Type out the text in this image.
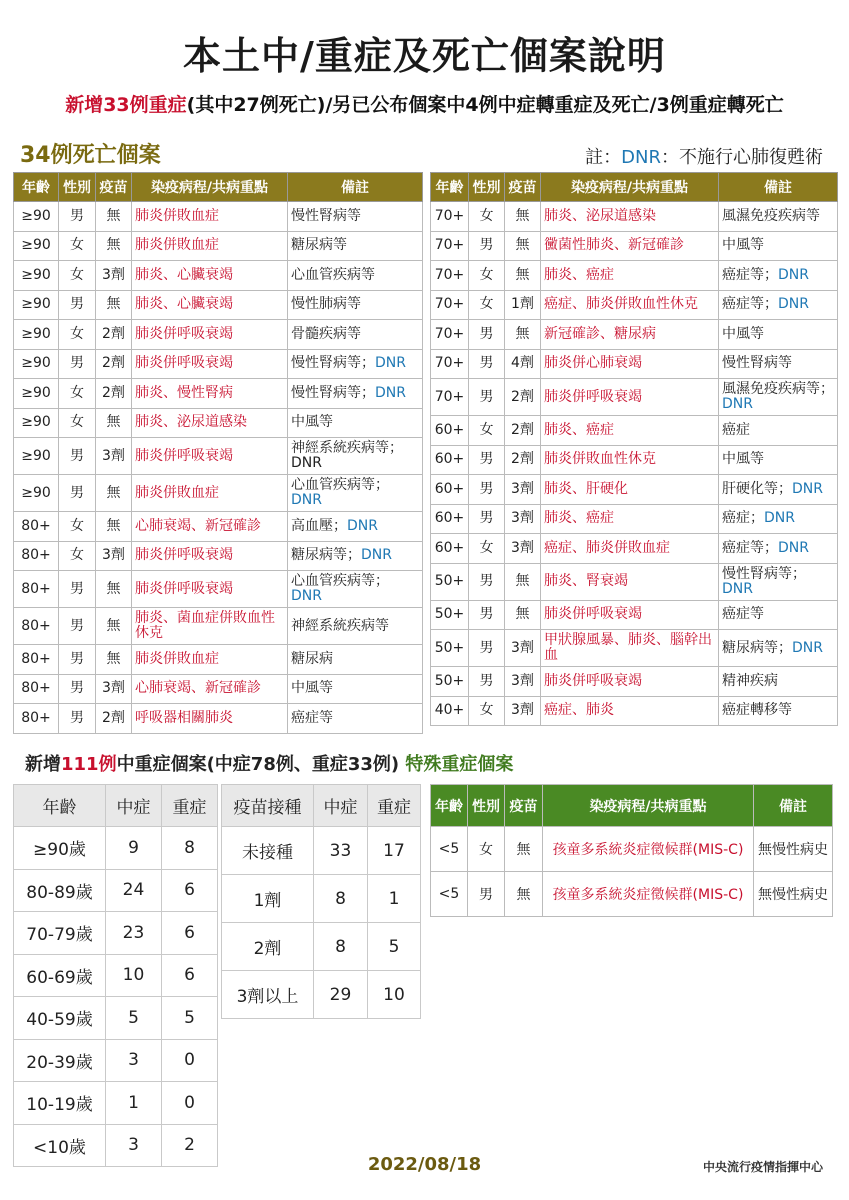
本土中/重症及死亡個案說明
新增33例重症(其中27例死亡)/另已公布個案中4例中症轉重症及死亡/3例重症轉死亡
34例死亡個案	註：DNR：不施行心肺復甦術
年齡	性別	疫苗	染疫病程/共病重點	備註
≥90	男	無	肺炎併敗血症	慢性腎病等
≥90	女	無	肺炎併敗血症	糖尿病等
≥90	女	3劑	肺炎、心臟衰竭	心血管疾病等
≥90	男	無	肺炎、心臟衰竭	慢性肺病等
≥90	女	2劑	肺炎併呼吸衰竭	骨髓疾病等
≥90	男	2劑	肺炎併呼吸衰竭	慢性腎病等；DNR
≥90	女	2劑	肺炎、慢性腎病	慢性腎病等；DNR
≥90	女	無	肺炎、泌尿道感染	中風等
≥90	男	3劑	肺炎併呼吸衰竭	神經系統疾病等；DNR
≥90	男	無	肺炎併敗血症	心血管疾病等；DNR
80+	女	無	心肺衰竭、新冠確診	高血壓；DNR
80+	女	3劑	肺炎併呼吸衰竭	糖尿病等；DNR
80+	男	無	肺炎併呼吸衰竭	心血管疾病等；DNR
80+	男	無	肺炎、菌血症併敗血性休克	神經系統疾病等
80+	男	無	肺炎併敗血症	糖尿病
80+	男	3劑	心肺衰竭、新冠確診	中風等
80+	男	2劑	呼吸器相關肺炎	癌症等
年齡	性別	疫苗	染疫病程/共病重點	備註
70+	女	無	肺炎、泌尿道感染	風濕免疫疾病等
70+	男	無	黴菌性肺炎、新冠確診	中風等
70+	女	無	肺炎、癌症	癌症等；DNR
70+	女	1劑	癌症、肺炎併敗血性休克	癌症等；DNR
70+	男	無	新冠確診、糖尿病	中風等
70+	男	4劑	肺炎併心肺衰竭	慢性腎病等
70+	男	2劑	肺炎併呼吸衰竭	風濕免疫疾病等；DNR
60+	女	2劑	肺炎、癌症	癌症
60+	男	2劑	肺炎併敗血性休克	中風等
60+	男	3劑	肺炎、肝硬化	肝硬化等；DNR
60+	男	3劑	肺炎、癌症	癌症；DNR
60+	女	3劑	癌症、肺炎併敗血症	癌症等；DNR
50+	男	無	肺炎、腎衰竭	慢性腎病等；DNR
50+	男	無	肺炎併呼吸衰竭	癌症等
50+	男	3劑	甲狀腺風暴、肺炎、腦幹出血	糖尿病等；DNR
50+	男	3劑	肺炎併呼吸衰竭	精神疾病
40+	女	3劑	癌症、肺炎	癌症轉移等
新增111例中重症個案(中症78例、重症33例) 特殊重症個案
年齡	中症	重症
≥90歲	9	8
80-89歲	24	6
70-79歲	23	6
60-69歲	10	6
40-59歲	5	5
20-39歲	3	0
10-19歲	1	0
<10歲	3	2
疫苗接種	中症	重症
未接種	33	17
1劑	8	1
2劑	8	5
3劑以上	29	10
年齡	性別	疫苗	染疫病程/共病重點	備註
<5	女	無	孩童多系統炎症徵候群(MIS-C)	無慢性病史
<5	男	無	孩童多系統炎症徵候群(MIS-C)	無慢性病史
2022/08/18	中央流行疫情指揮中心
